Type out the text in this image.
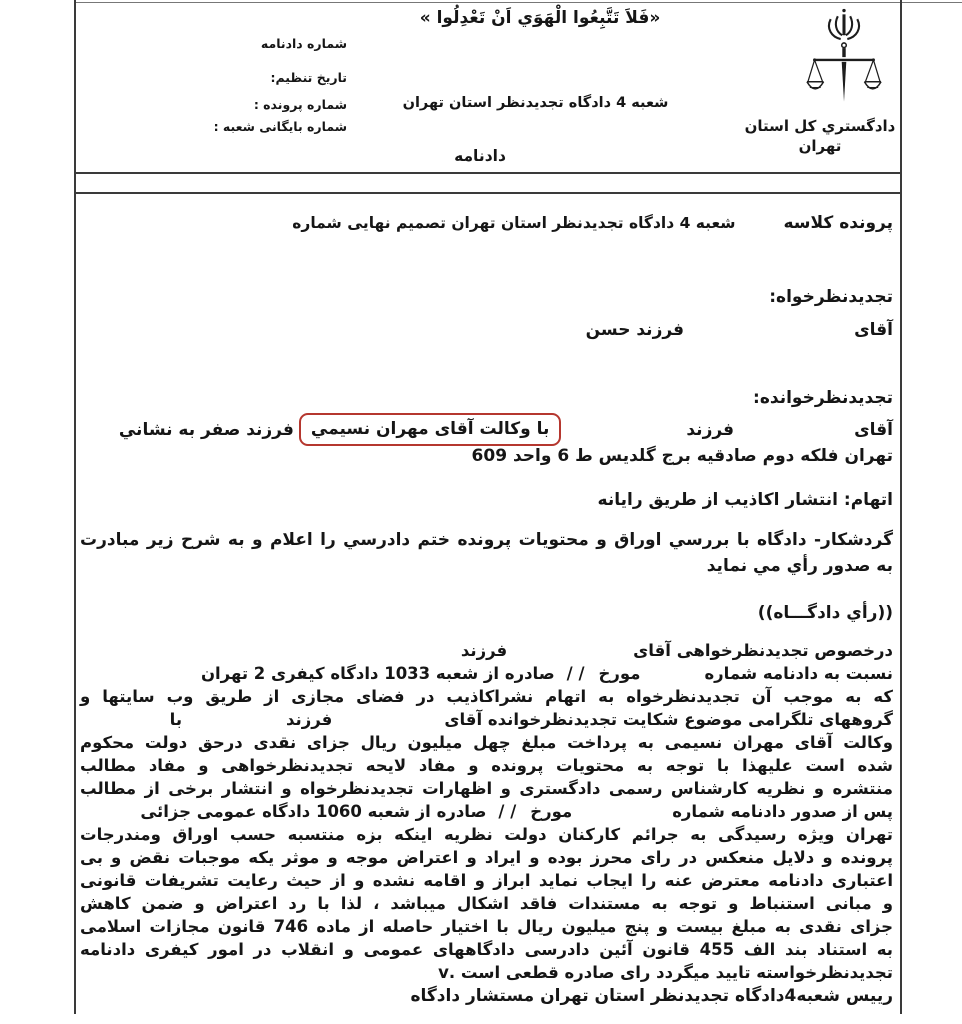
«فَلاَ تَتَّبِعُوا الْهَوَي اَنْ تَعْدِلُوا »
شماره دادنامه
تاریخ تنظیم:
شماره پرونده :
شماره بایگانی شعبه :
شعبه 4 دادگاه تجدیدنظر استان تهران
دادنامه
دادگستري کل استان
تهران
پرونده کلاسه
شعبه 4 دادگاه تجدیدنظر استان تهران تصمیم نهایی شماره
تجدیدنظرخواه:
آقای
فرزند حسن
تجدیدنظرخوانده:
آقای
فرزند
با وکالت آقای مهران نسیمي
فرزند صفر به نشاني
تهران فلکه دوم صادقیه برج گلدیس ط 6 واحد 609
اتهام: انتشار اکاذیب از طریق رایانه
گردشکار- دادگاه با بررسي اوراق و محتویات پرونده ختم دادرسي را اعلام و به شرح زیر مبادرت
به صدور رأي مي نماید
((رأي دادگـــاه))
درخصوص تجدیدنظرخواهی آقای
فرزند
نسبت به دادنامه شماره
مورخ
/ /
صادره از شعبه 1033 دادگاه کیفری 2 تهران
که به موجب آن تجدیدنظرخواه به اتهام نشراکاذیب در فضای مجازی از طریق وب سایتها و
گروههای تلگرامی موضوع شکایت تجدیدنظرخوانده آقای
فرزند
با
وکالت آقای مهران نسیمی به پرداخت مبلغ چهل میلیون ریال جزای نقدی درحق دولت محکوم
شده است علیهذا با توجه به محتویات پرونده و مفاد لایحه تجدیدنظرخواهی و مفاد مطالب
منتشره و نظریه کارشناس رسمی دادگستری و اظهارات تجدیدنظرخواه و انتشار برخی از مطالب
پس از صدور دادنامه شماره
مورخ
/ /
صادره از شعبه 1060 دادگاه عمومی جزائی
تهران ویژه رسیدگی به جرائم کارکنان دولت نظریه اینکه بزه منتسبه حسب اوراق ومندرجات
پرونده و دلایل منعکس در رای محرز بوده و ایراد و اعتراض موجه و موثر یکه موجبات نقض و بی
اعتباری دادنامه معترض عنه را ایجاب نماید ابراز و اقامه نشده و از حیث رعایت تشریفات قانونی
و مبانی استنباط و توجه به مستندات فاقد اشکال میباشد ، لذا با رد اعتراض و ضمن کاهش
جزای نقدی به مبلغ بیست و پنج میلیون ریال با اختیار حاصله از ماده 746 قانون مجازات اسلامی
به استناد بند الف 455 قانون آئین دادرسی دادگاههای عمومی و انقلاب در امور کیفری دادنامه
تجدیدنظرخواسته تایید میگردد رای صادره قطعی است .v
رییس شعبه4دادگاه تجدیدنظر استان تهران مستشار دادگاه
